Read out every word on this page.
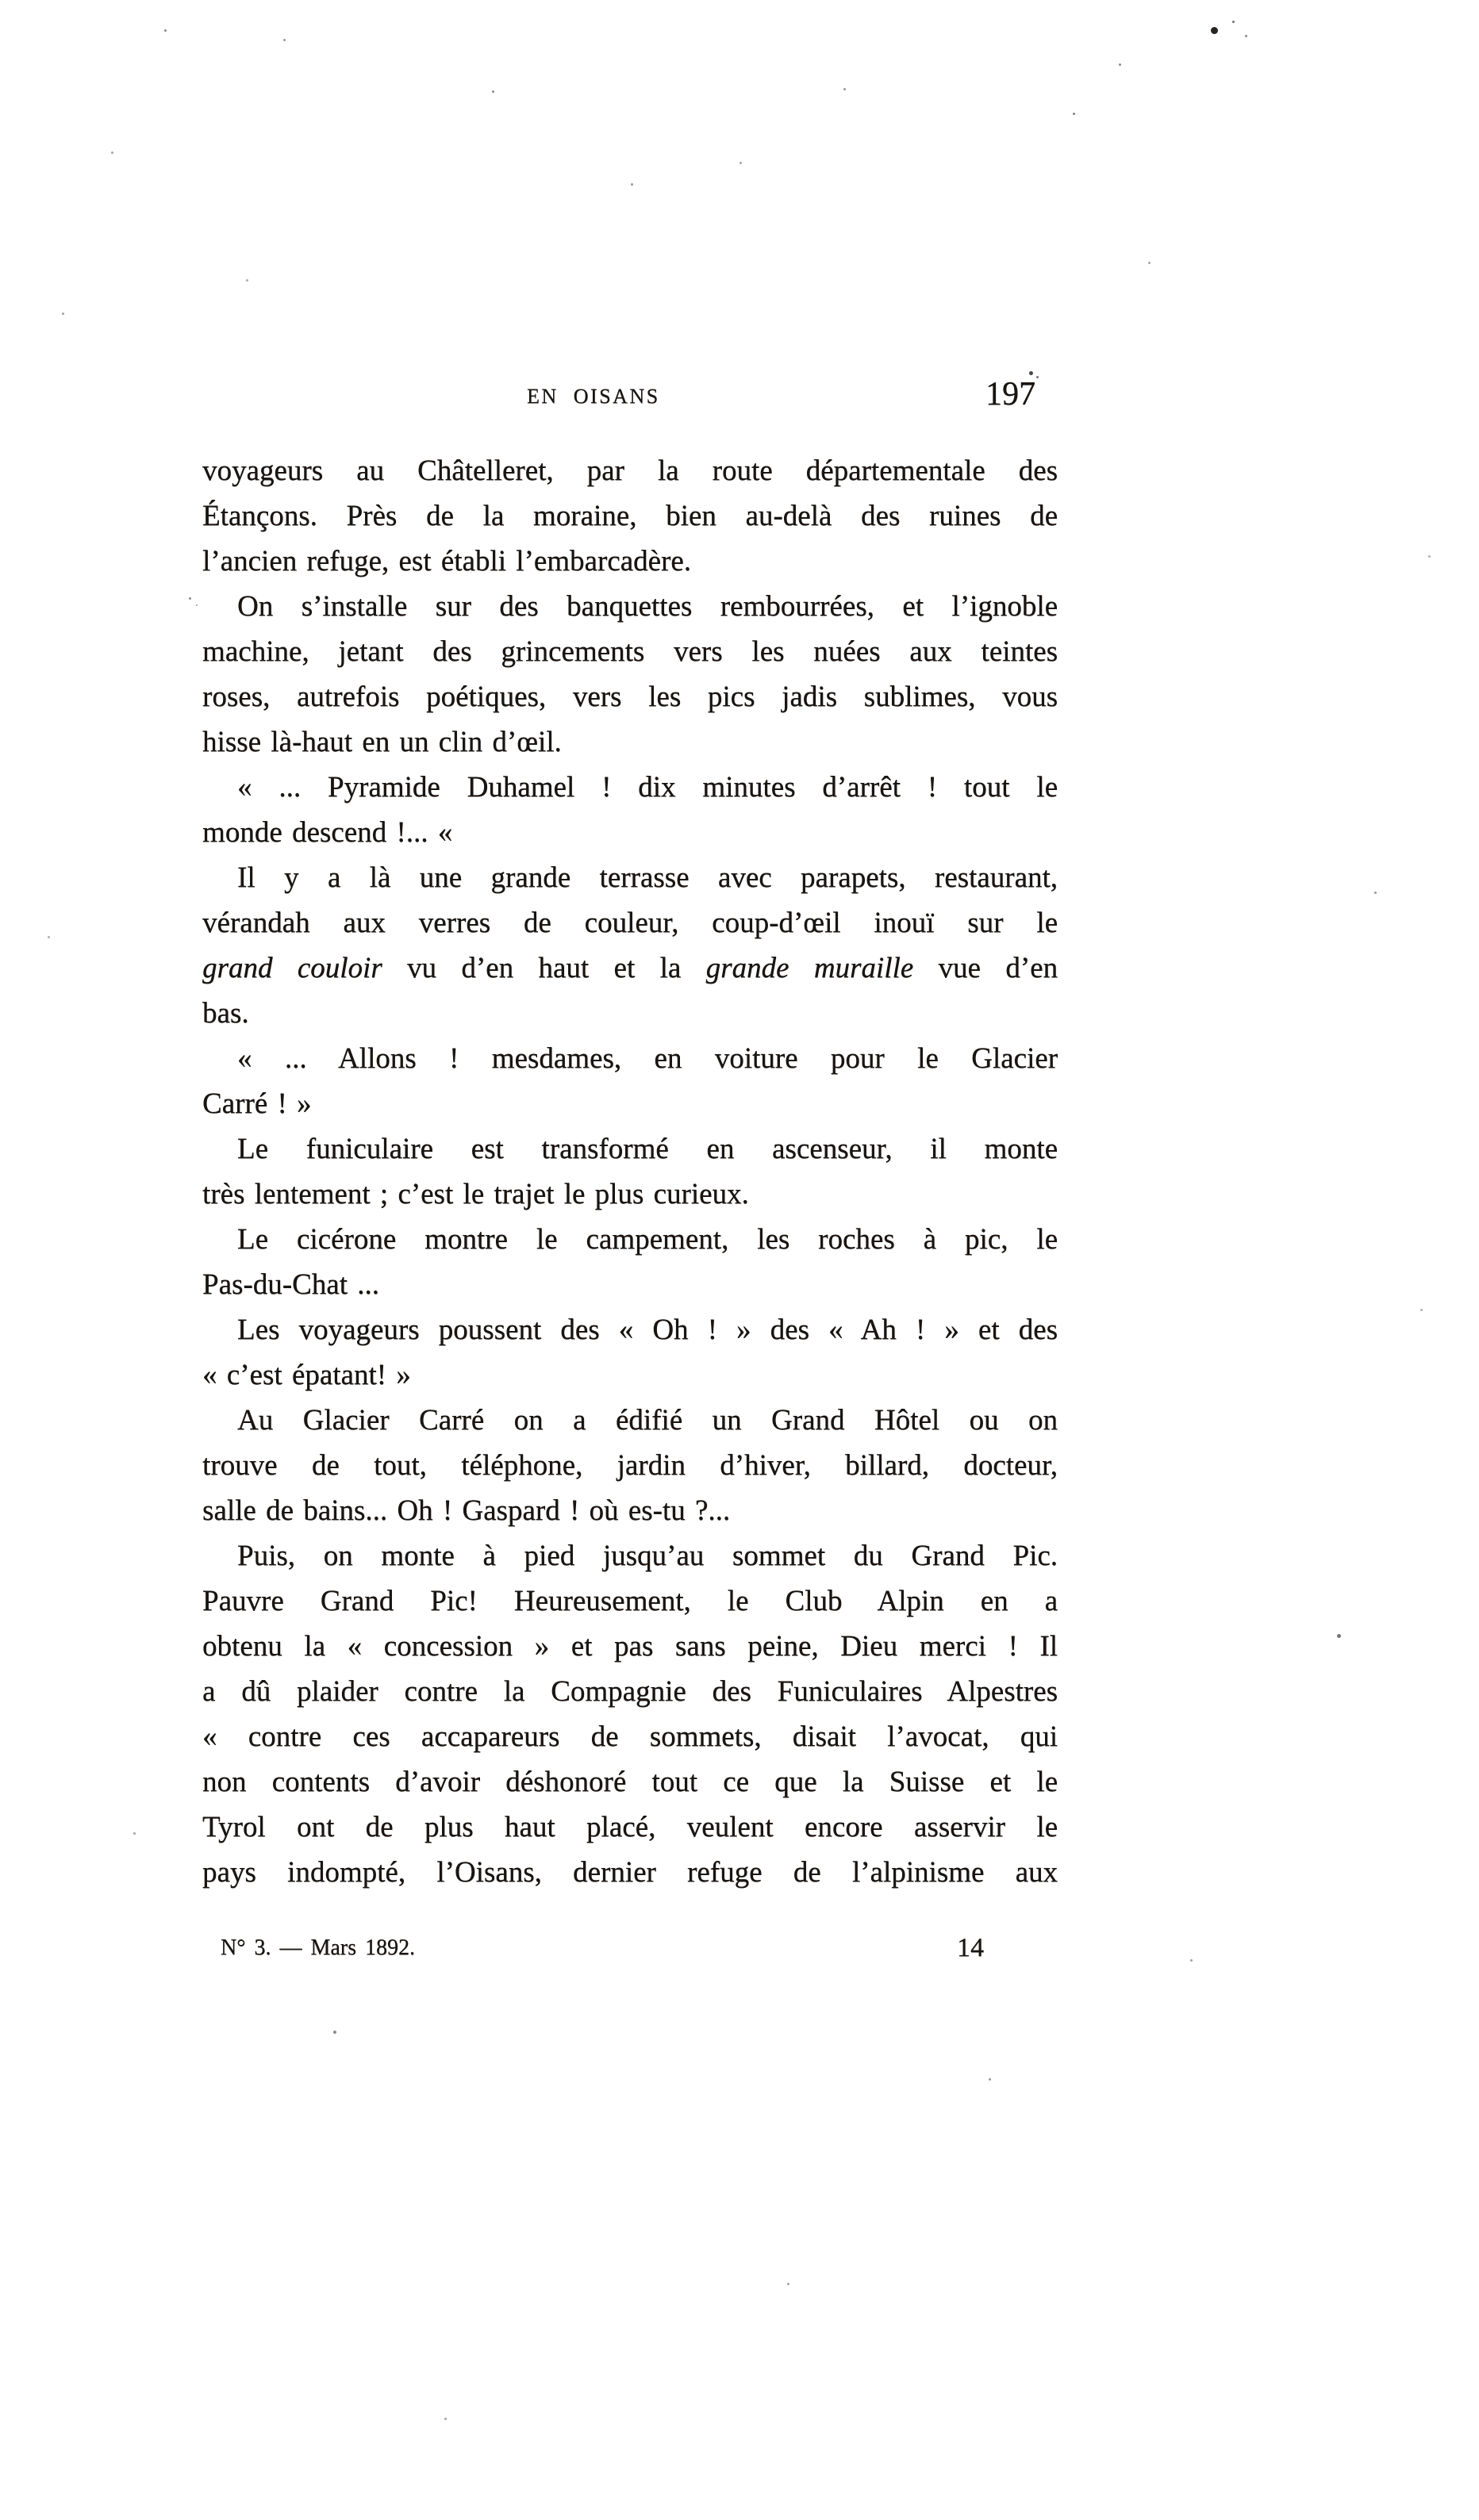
EN OISANS	197
voyageurs au Châtelleret, par la route départementale des
Étançons. Près de la moraine, bien au-delà des ruines de
l’ancien refuge, est établi l’embarcadère.
On s’installe sur des banquettes rembourrées, et l’ignoble
machine, jetant des grincements vers les nuées aux teintes
roses, autrefois poétiques, vers les pics jadis sublimes, vous
hisse là-haut en un clin d’œil.
« ... Pyramide Duhamel ! dix minutes d’arrêt ! tout le
monde descend !... «
Il y a là une grande terrasse avec parapets, restaurant,
vérandah aux verres de couleur, coup-d’œil inouï sur le
grand couloir vu d’en haut et la grande muraille vue d’en
bas.
« ... Allons ! mesdames, en voiture pour le Glacier
Carré ! »
Le funiculaire est transformé en ascenseur, il monte
très lentement ; c’est le trajet le plus curieux.
Le cicérone montre le campement, les roches à pic, le
Pas-du-Chat ...
Les voyageurs poussent des « Oh ! » des « Ah ! » et des
« c’est épatant! »
Au Glacier Carré on a édifié un Grand Hôtel ou on
trouve de tout, téléphone, jardin d’hiver, billard, docteur,
salle de bains... Oh ! Gaspard ! où es-tu ?...
Puis, on monte à pied jusqu’au sommet du Grand Pic.
Pauvre Grand Pic! Heureusement, le Club Alpin en a
obtenu la « concession » et pas sans peine, Dieu merci ! Il
a dû plaider contre la Compagnie des Funiculaires Alpestres
« contre ces accapareurs de sommets, disait l’avocat, qui
non contents d’avoir déshonoré tout ce que la Suisse et le
Tyrol ont de plus haut placé, veulent encore asservir le
pays indompté, l’Oisans, dernier refuge de l’alpinisme aux
N° 3. — Mars 1892.	14
